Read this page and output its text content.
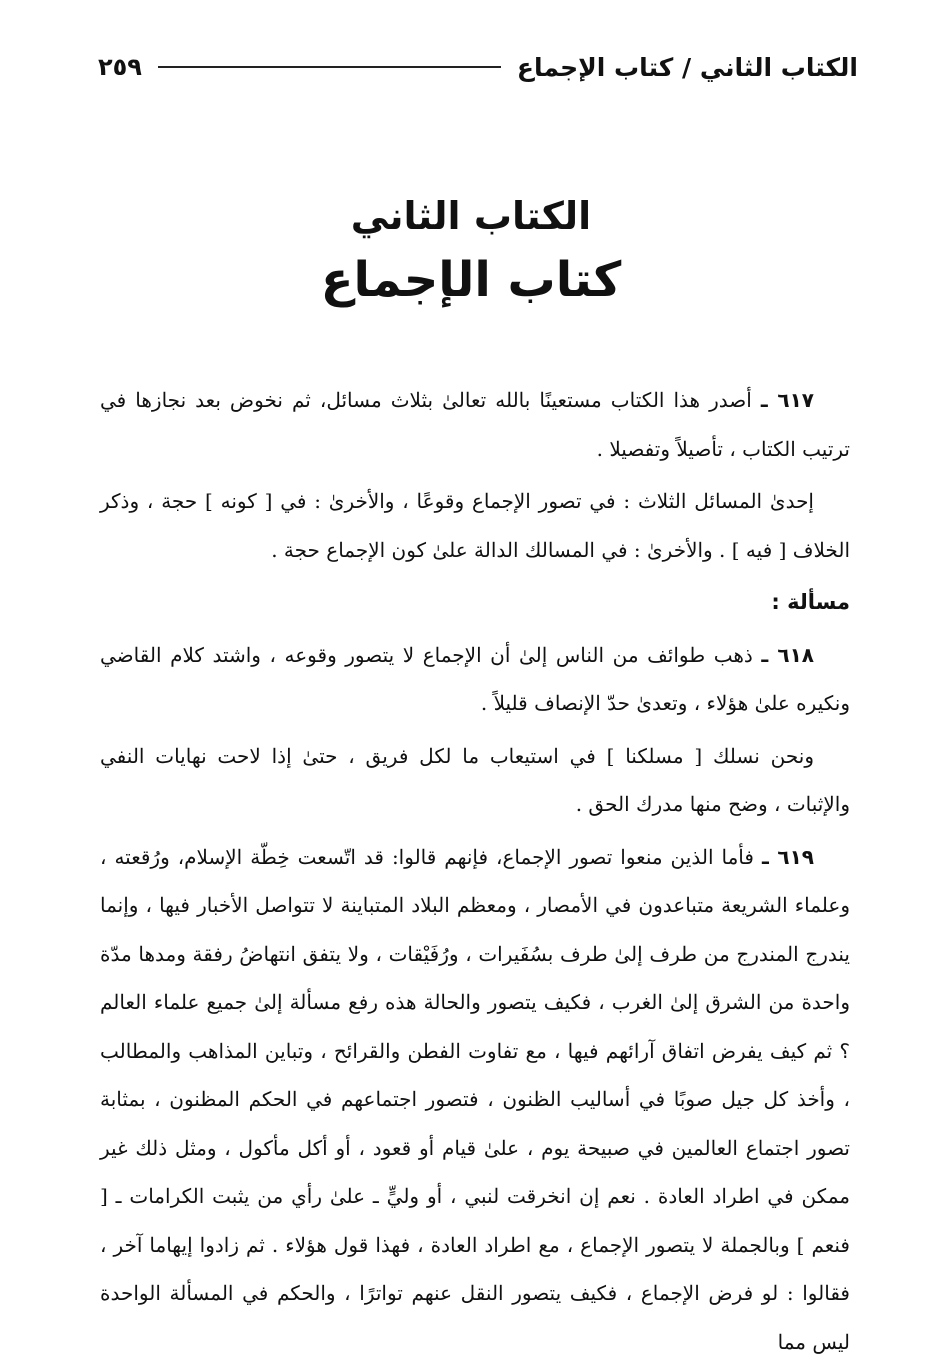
الكتاب الثاني / كتاب الإجماع
٢٥٩
الكتاب الثاني
كتاب الإجماع

٦١٧ ـ أصدر هذا الكتاب مستعينًا بالله تعالىٰ بثلاث مسائل، ثم نخوض بعد نجازها في ترتيب الكتاب ، تأصيلاً وتفصيلا .

إحدىٰ المسائل الثلاث : في تصور الإجماع وقوعًا ، والأخرىٰ : في [ كونه ] حجة ، وذكر الخلاف [ فيه ] . والأخرىٰ : في المسالك الدالة علىٰ كون الإجماع حجة .

مسألة :

٦١٨ ـ ذهب طوائف من الناس إلىٰ أن الإجماع لا يتصور وقوعه ، واشتد كلام القاضي ونكيره علىٰ هؤلاء ، وتعدىٰ حدّ الإنصاف قليلاً .

ونحن نسلك [ مسلكنا ] في استيعاب ما لكل فريق ، حتىٰ إذا لاحت نهايات النفي والإثبات ، وضح منها مدرك الحق .

٦١٩ ـ فأما الذين منعوا تصور الإجماع، فإنهم قالوا: قد اتّسعت خِطّة الإسلام، ورُقعته ، وعلماء الشريعة متباعدون في الأمصار ، ومعظم البلاد المتباينة لا تتواصل الأخبار فيها ، وإنما يندرج المندرج من طرف إلىٰ طرف بسُفَيرات ، ورُفَيْقات ، ولا يتفق انتهاضُ رفقة ومدها مدّة واحدة من الشرق إلىٰ الغرب ، فكيف يتصور والحالة هذه رفع مسألة إلىٰ جميع علماء العالم ؟ ثم كيف يفرض اتفاق آرائهم فيها ، مع تفاوت الفطن والقرائح ، وتباين المذاهب والمطالب ، وأخذ كل جيل صوبًا في أساليب الظنون ، فتصور اجتماعهم في الحكم المظنون ، بمثابة تصور اجتماع العالمين في صبيحة يوم ، علىٰ قيام أو قعود ، أو أكل مأكول ، ومثل ذلك غير ممكن في اطراد العادة . نعم إن انخرقت لنبي ، أو وليٍّ ـ علىٰ رأي من يثبت الكرامات ـ [ فنعم ] وبالجملة لا يتصور الإجماع ، مع اطراد العادة ، فهذا قول هؤلاء . ثم زادوا إيهاما آخر ، فقالوا : لو فرض الإجماع ، فكيف يتصور النقل عنهم تواترًا ، والحكم في المسألة الواحدة ليس مما
